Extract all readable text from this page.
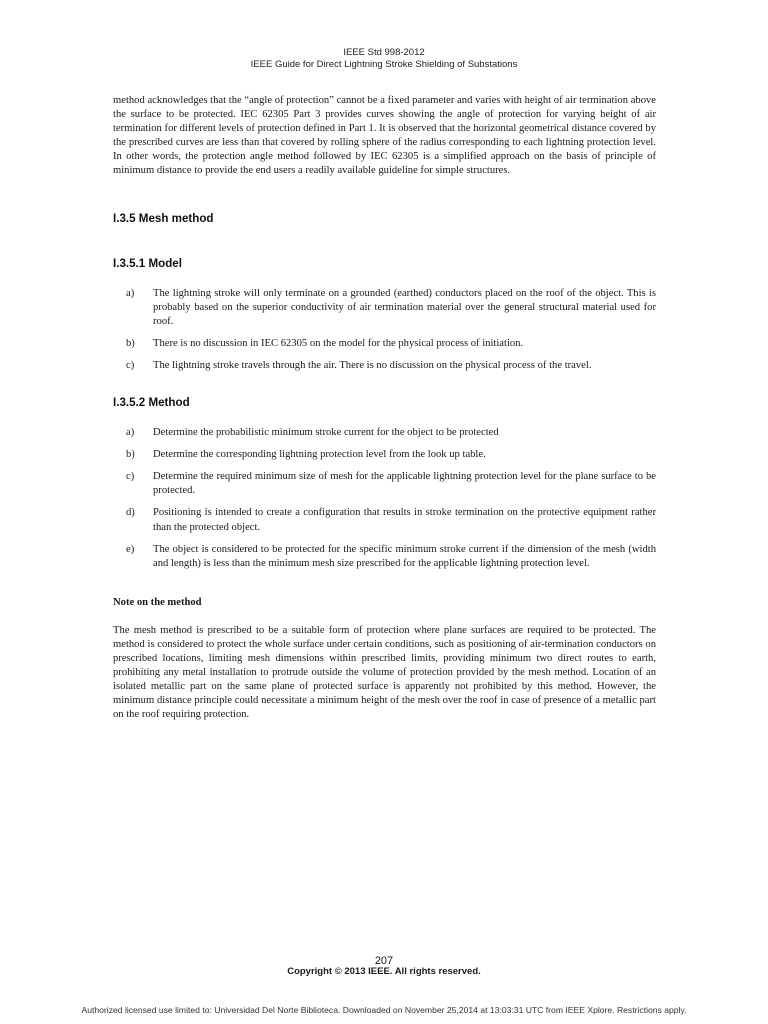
IEEE Std 998-2012
IEEE Guide for Direct Lightning Stroke Shielding of Substations

method acknowledges that the “angle of protection” cannot be a fixed parameter and varies with height of air termination above the surface to be protected. IEC 62305 Part 3 provides curves showing the angle of protection for varying height of air termination for different levels of protection defined in Part 1. It is observed that the horizontal geometrical distance covered by the prescribed curves are less than that covered by rolling sphere of the radius corresponding to each lightning protection level. In other words, the protection angle method followed by IEC 62305 is a simplified approach on the basis of principle of minimum distance to provide the end users a readily available guideline for simple structures.

I.3.5 Mesh method
I.3.5.1 Model
a)	The lightning stroke will only terminate on a grounded (earthed) conductors placed on the roof of the object. This is probably based on the superior conductivity of air termination material over the general structural material used for roof.
b)	There is no discussion in IEC 62305 on the model for the physical process of initiation.
c)	The lightning stroke travels through the air. There is no discussion on the physical process of the travel.
I.3.5.2 Method
a)	Determine the probabilistic minimum stroke current for the object to be protected
b)	Determine the corresponding lightning protection level from the look up table.
c)	Determine the required minimum size of mesh for the applicable lightning protection level for the plane surface to be protected.
d)	Positioning is intended to create a configuration that results in stroke termination on the protective equipment rather than the protected object.
e)	The object is considered to be protected for the specific minimum stroke current if the dimension of the mesh (width and length) is less than the minimum mesh size prescribed for the applicable lightning protection level.
Note on the method

The mesh method is prescribed to be a suitable form of protection where plane surfaces are required to be protected. The method is considered to protect the whole surface under certain conditions, such as positioning of air-termination conductors on prescribed locations, limiting mesh dimensions within prescribed limits, providing minimum two direct routes to earth, prohibiting any metal installation to protrude outside the volume of protection provided by the mesh method. Location of an isolated metallic part on the same plane of protected surface is apparently not prohibited by this method. However, the minimum distance principle could necessitate a minimum height of the mesh over the roof in case of presence of a metallic part on the roof requiring protection.

207
Copyright © 2013 IEEE. All rights reserved.
Authorized licensed use limited to: Universidad Del Norte Biblioteca. Downloaded on November 25,2014 at 13:03:31 UTC from IEEE Xplore. Restrictions apply.
